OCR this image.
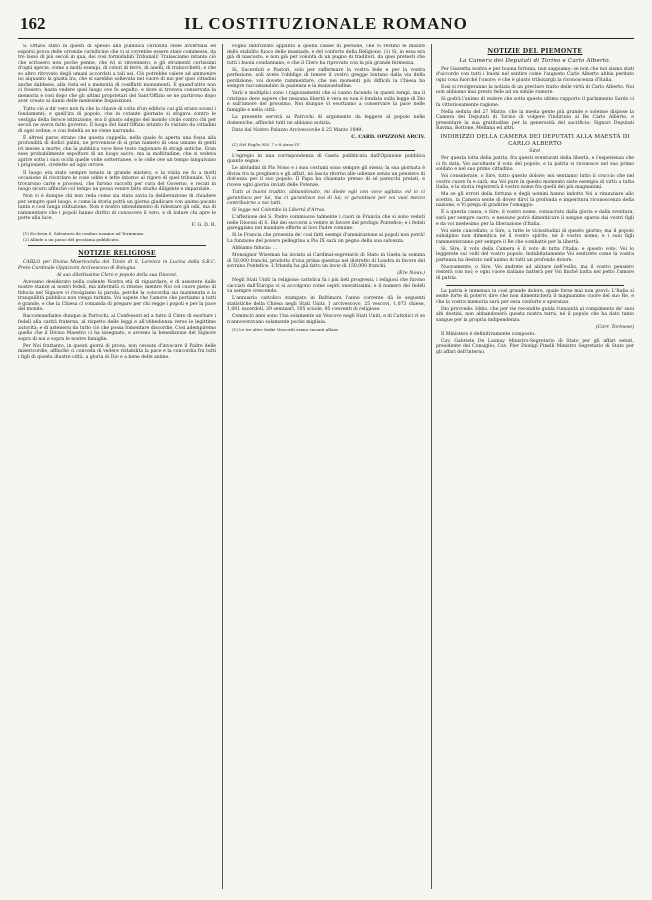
162	IL COSTITUZIONALE ROMANO

S. Offizio stato in questi di spesso alla pubblica curiosità onde avvertiusi ed esporsi prova delle orrende carnificine che vi si vorrebbe essere state commesse, da tre lasso di più secoli in qua, dei così formidabili Tribunali! Tralasciamo intanto ciò che scrissero non poche penne, che ivi si rinvennero, e gli strumenti certissimi d'ogni specie, come a molti esempi, di colori di ferro, di anelli, di trabocchetti, e che so altro ritrovato degli umani accordati a tali usi. Ciò potrebbe valere ad ammonire no alquanto la giusta ira, che si sarebbe sollevata nel cuore di noi per quei cittadini anche dabbene, alla vista ed a memoria di cosiffatti monumenti. E quand'altro non ci fossero, basta vedere quel luogo ove fu sepolto, e dove si trovava conservata la memoria e così dopo che gli ultimi proprietari del Sant'Offizio se ne partirono dopo aver creato ai danni delle medesime Inquisizioni.

Tutto ciò a dir vero non fu che la chiave di volta d'un edificio cui già erano scossi i fondamenti; e quell'ira di popolo, che in cotante giornate si sfogava contro le vestigia della feroce istituzione, era il giusto sdegno del mondo civile contro chi per secoli ne aveva fatto governo. Il luogo del Sant'Offizio intanto fu visitato da cittadini di ogni ordine, e con fedeltà se ne viene narrando.

È altresì parso strano che questa cappella, nella quale fu aperta una fossa alla profondità di dodici palmi, ne provenisse di sì gran numero di ossa umane di genti ivi messe a morte, che la pubblica voce fece tosto ragionare di stragi antiche. Eran esse probabilmente sepolture di un luogo sacro, ma la moltitudine, che si vedeva aprire sotto i suoi occhi quelle volte sotterranee, e le celle ove un tempo languivano i prigionieri, credette ad ogni orrore.

Il luogo era stato sempre tenuto in grande mistero, e la visita ne fu a molti occasione di ricordare le cose udite e lette intorno al rigore di quel tribunale. Vi si trovarono carte e processi, che furono raccolti per cura del Governo, e recati in luogo sicuro affinché col tempo ne possa venire fatto studio diligente e imparziale.

Non vi è dunque chi non veda come sia stata savia la deliberazione di chiudere per sempre quel luogo, e come la storia potrà un giorno giudicare con animo pacato tanta e così lunga istituzione. Non è nostro intendimento di ridestare gli odii, ma di rammentare che i popoli hanno diritto di conoscere il vero, e di lodare chi apre le porte alla luce.

F. G. D. R.

(1) Ecclesia S. Salvatoris de ossibus nomine ad Terminum.

(2) Allude a un passo del proclama pubblicato.

NOTIZIE RELIGIOSE

CARLO per Divina Misericordia del Titolo di S. Lorenzo in Lucina della S.R.C. Prete Cardinale Oppizzoni Arcivescovo di Bologna.

Al suo dilettissimo Clero e popolo della sua Diocesi.

Avevamo desiderato nella cadente Nostra età di riguardare, e di assistere dalle nostre stanze ai nostri fedeli, ma infermità ci ritiene; mentre Noi col cuore pieno di fiducia nel Signore vi rivolgiamo la parola, perché la concordia sia mantenuta e la tranquillità pubblica non venga turbata. Voi sapete che l'amore che portiamo a tutti è grande, e che la Chiesa ci comanda di pregare per chi regge i popoli e per la pace del mondo.

Raccomandiamo dunque ai Parrochi, ai Confessori ed a tutto il Clero di esortare i fedeli alla carità fraterna, al rispetto delle leggi e all'obbedienza verso le legittime autorità; e di astenersi da tutto ciò che possa fomentare discordie. Così adempiremo quello che il Divino Maestro ci ha insegnato, e avremo la benedizione del Signore sopra di noi e sopra le nostre famiglie.

Per Noi frattanto, in questi giorni di prova, non cessate d'invocare il Padre delle misericordie, affinché ci conceda di vedere ristabilita la pace e la concordia fra tutti i figli di questa illustre città, a gloria di Dio e a bene delle anime.

Foglio indirizzato appunto a quella classe di persone, che vi restino le misure dello stabilito fuoco delle masnade, e del conforto della Religione. (1) Si, in essa era già di nascosto, e non già per volontà di un pugno di traditori, da quei pretesti che tutti i buoni condannano, e che il Clero ha riprovato con la più grande fermezza.

Si, Sacerdoti e Pastori, solo per raffermare la vostra fede e per la vostra perfezione, soli avete l'obbligo di tenere il vostro gregge lontano dalla via della perdizione; voi dovete rammentare, che nei momenti più difficili la Chiesa ha sempre raccomandato la pazienza e la mansuetudine.

Varii e moltiplici sono i ragionamenti che si vanno facendo in questi tempi, ma il cristiano deve sapere che nessuna libertà è vera se non è fondata sulla legge di Dio e sull'amore del prossimo. Noi dunque vi esortiamo a conservare la pace nelle famiglie e nella città.

La presente servirà ai Parrochi di argomento da leggere al popolo nelle domeniche, affinché tutti ne abbiano notizia.

Data dal Nostro Palazzo Arcivescovile li 25 Marzo 1849.

C. CARD. OPIZZONI ARCIV.

(1) Nel Foglio NN. 7 e 8 Anno IV.

L'egregio in una corrispondenza di Gaeta pubblicata dall'Opinione pubblica quanto segue:

Le abitudini di Pio Nono e i suoi costumi sono sempre gli stessi; la sua giornata è divisa tra la preghiera e gli affari, né lascia ritorno alle udienze senza un pensiero di dolcezza per il suo popolo. Il Papa ha chiamato presso di sé parecchi prelati, e riceve ogni giorno inviati delle Potenze.

Tutti ai buoni tradito, abbandonato, mi diede egli con voce agitata: ed io ci garantisco per lui, ma ci garantisce noi di lui; ci garantisce per voi vuoi mezzo contribuirne a noi tutti.

Si legge nel Colombo la Libertà d'Arras.

L'affezione del S. Padre commuove talmente i cuori in Francia che si sono veduti nelle Diocesi di S. Dié dei soccorsi a venire in favore del profugo Pontefice; e i fedeli gareggiano nel mandare offerte al loro Padre comune.

Si le Francia che presenta de' così fatti esempi d'ammirazione ai popoli non potrà! La funzione del povero pellegrino a Pio IX sarà un pegno della sua salvezza.

Abbiamo fiducia: …

Monsignor Wiseman ha inviato al Cardinal-segretario di Stato in Gaeta la somma di 50,000 franchi, prodotto d'una prima questua nel distretto di Londra in favore del sovrano Pontefice. L'Irlanda ha già fatto un invio di 150,000 franchi.

(Ere Nouv.)

Negli Stati Uniti la religione cattolica fa i più lieti progressi, i religiosi che furono cacciati dall'Europa vi si accolgono come ospiti onoratissimi; e il numero dei fedeli va sempre crescendo.

L'annuario cattolico stampato in Baltimora l'anno corrente dà le seguenti statistiche della Chiesa negli Stati Uniti: 1 arcivescovo, 25 vescovi, 1,073 chiese, 1,081 sacerdoti, 29 seminari, 105 scuole, 95 conventi di religiose.

Cominciò anni sono Una solamente un Vescovo negli Stati Uniti, e di Cattolici vi se n'annoveravano solamente poche migliaia.

(1) Le tre altre Sedie Vescovili erano vacanti allora.

NOTIZIE DEL PIEMONTE

La Camera dei Deputati di Torino e Carlo Alberto.

Per Gazzetta nostra e per buona fortuna, non sappiamo; se non che noi siamo stati d'accordo con tutti i buoni nel sentire come l'augusto Carlo Alberto abbia perduto ogni cosa fuorché l'onore; e che è giusto tributargli la riconoscenza d'Italia.

Essi si rivolgeranno la notizia di un preclaro tratto delle virtù di Carlo Alberto. Noi non abbiamo mai presto fede ad un simile rumore.

Si godrà l'animo di vedere che sotto questo ultimo rapporto il parlamento Sardo ci fa vittoriosamente ragione.

Nella seduta del 27 Marzo, che la mesta gente più grande e solenne dispose la Camera dei Deputati di Torino di volgere l'indirizzo al Re Carlo Alberto, e presentare la sua gratitudine per la generosità del sacrificio: Signori Deputati Ravina, Bottone, Mellana ed altri.

INDIRIZZO DELLA CAMERA DEI DEPUTATI ALLA MAESTÀ DI CARLO ALBERTO

Sire!

Per questa lotta della patria, fra questi sventurati della libertà, e l'esperienza che ci fu data, Voi ascoltaste il voto del popolo, e la patria si riconosce nel suo primo soldato e nel suo primo cittadino.

Voi considerate, o Sire, tutto questo dolore; noi sentiamo tutto il cruccio che nel vostro cuore fu e sarà; ma Voi pure in questo momento siete esempio di virtù a tutta Italia, e la storia registrerà il vostro nome fra quelli dei più magnanimi.

Ma se gli errori della fortuna e degli uomini hanno indotto Voi a rinunziare allo scettro, la Camera sente di dover dirvi la profonda e imperitura riconoscenza della nazione, e Vi prega di gradirne l'omaggio.

È a questa causa, o Sire, il vostro nome, consacrato dalla gloria e dalla sventura, sarà per sempre sacro, e nessuno potrà dimenticare il sangue sparso dai vostri figli e da voi medesimo per la liberazione d'Italia.

Voi siete cancellato, o Sire, a tutte le vicissitudini di questo giorno; ma il popolo subalpino non dimentica né il vostro spirito, né il vostro nome; e i suoi figli rammenteranno per sempre il Re che combattè per la libertà.

Si, Sire, il voto della Camera è il voto di tutta l'Italia; e questo voto, Voi lo leggerete sui volti del vostro popolo. Indubitatamente Voi sentirete come la vostra partenza ha destato nell'animo di tutti un profondo dolore.

Nuovamente, o Sire, Voi andrete ad abitare nell'esilio, ma il vostro pensiero resterà con noi; e ogni cuore italiano batterà per Voi finché batta nel petto l'amore di patria.

La patria è immensa in così grande dolore, quale forse mai non provò. L'Italia si sente forte di potervi dire che non dimenticherà il magnanimo cuore del suo Re, e che la vostra memoria sarà per essa conforto e speranza.

Dio provvede: Iddio, che per vie recondite guida l'umanità al compimento de' suoi alti destini, non abbandonerà questa nostra terra, né il popolo che ha dato tanto sangue per la propria indipendenza.

(Corr. Torinese)

Il Ministero è definitivamente composto:

Cav. Gabriele De Launay Ministro-Segretario di Stato per gli affari esteri, presidente del Consiglio; Cav. Pier Dionigi Pinelli Ministro Segretario di Stato per gli affari dell'interno.
